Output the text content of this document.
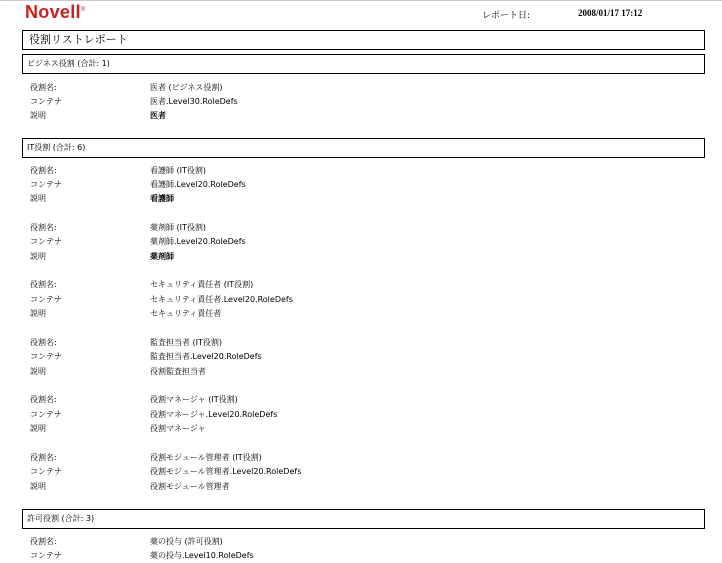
Novell®
レポート日:	2008/01/17 17:12
役割リストレポート
ビジネス役割 (合計: 1)
役割名:	医者 (ビジネス役割)
コンテナ	医者.Level30.RoleDefs
説明	医者
IT役割 (合計: 6)
役割名:	看護師 (IT役割)
コンテナ	看護師.Level20.RoleDefs
説明	看護師
役割名:	薬剤師 (IT役割)
コンテナ	薬剤師.Level20.RoleDefs
説明	薬剤師
役割名:	セキュリティ責任者 (IT役割)
コンテナ	セキュリティ責任者.Level20.RoleDefs
説明	セキュリティ責任者
役割名:	監査担当者 (IT役割)
コンテナ	監査担当者.Level20.RoleDefs
説明	役割監査担当者
役割名:	役割マネージャ (IT役割)
コンテナ	役割マネージャ.Level20.RoleDefs
説明	役割マネージャ
役割名:	役割モジュール管理者 (IT役割)
コンテナ	役割モジュール管理者.Level20.RoleDefs
説明	役割モジュール管理者
許可役割 (合計: 3)
役割名:	薬の投与 (許可役割)
コンテナ	薬の投与.Level10.RoleDefs
